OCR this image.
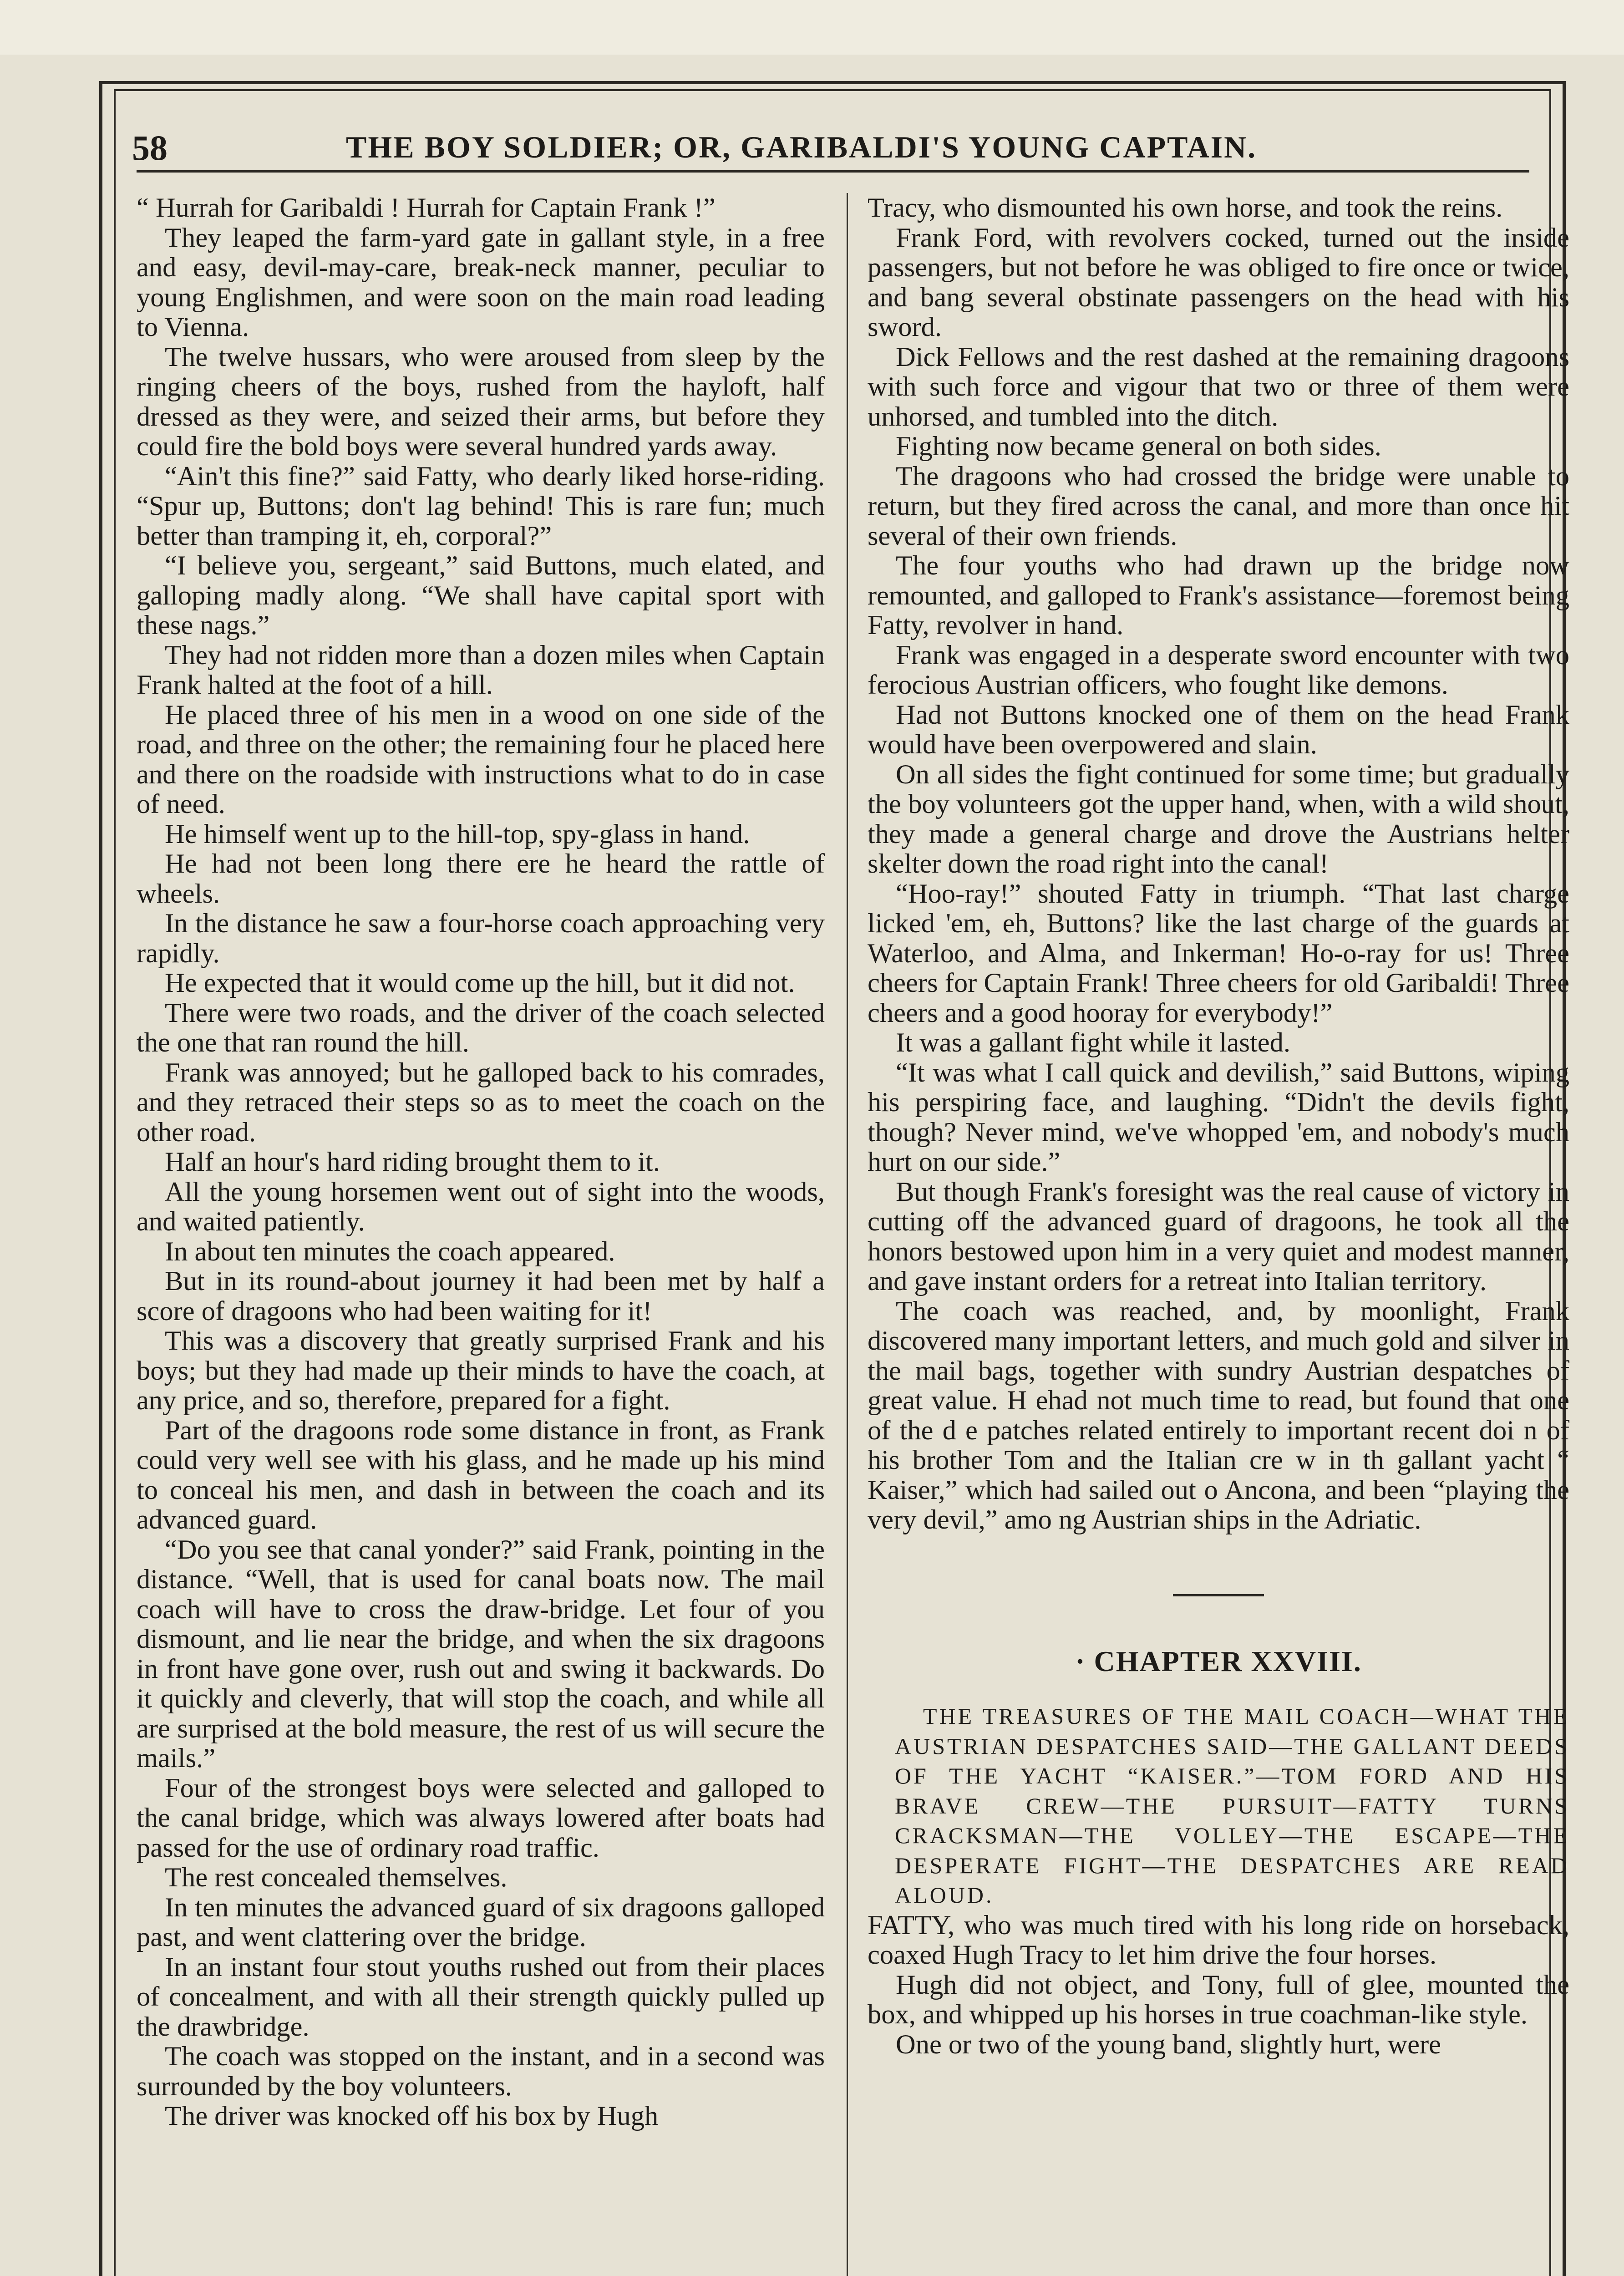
58	THE BOY SOLDIER; OR, GARIBALDI'S YOUNG CAPTAIN.

“ Hurrah for Garibaldi ! Hurrah for Captain Frank !”

They leaped the farm-yard gate in gallant style, in a free and easy, devil-may-care, break-neck manner, peculiar to young Englishmen, and were soon on the main road leading to Vienna.

The twelve hussars, who were aroused from sleep by the ringing cheers of the boys, rushed from the hayloft, half dressed as they were, and seized their arms, but before they could fire the bold boys were several hundred yards away.

“Ain't this fine?” said Fatty, who dearly liked horse-riding. “Spur up, Buttons; don't lag behind! This is rare fun; much better than tramping it, eh, corporal?”

“I believe you, sergeant,” said Buttons, much elated, and galloping madly along. “We shall have capital sport with these nags.”

They had not ridden more than a dozen miles when Captain Frank halted at the foot of a hill.

He placed three of his men in a wood on one side of the road, and three on the other; the remaining four he placed here and there on the roadside with instructions what to do in case of need.

He himself went up to the hill-top, spy-glass in hand.

He had not been long there ere he heard the rattle of wheels.

In the distance he saw a four-horse coach approaching very rapidly.

He expected that it would come up the hill, but it did not.

There were two roads, and the driver of the coach selected the one that ran round the hill.

Frank was annoyed; but he galloped back to his comrades, and they retraced their steps so as to meet the coach on the other road.

Half an hour's hard riding brought them to it.

All the young horsemen went out of sight into the woods, and waited patiently.

In about ten minutes the coach appeared.

But in its round-about journey it had been met by half a score of dragoons who had been waiting for it!

This was a discovery that greatly surprised Frank and his boys; but they had made up their minds to have the coach, at any price, and so, therefore, prepared for a fight.

Part of the dragoons rode some distance in front, as Frank could very well see with his glass, and he made up his mind to conceal his men, and dash in between the coach and its advanced guard.

“Do you see that canal yonder?” said Frank, pointing in the distance. “Well, that is used for canal boats now. The mail coach will have to cross the draw-bridge. Let four of you dismount, and lie near the bridge, and when the six dragoons in front have gone over, rush out and swing it backwards. Do it quickly and cleverly, that will stop the coach, and while all are surprised at the bold measure, the rest of us will secure the mails.”

Four of the strongest boys were selected and galloped to the canal bridge, which was always lowered after boats had passed for the use of ordinary road traffic.

The rest concealed themselves.

In ten minutes the advanced guard of six dragoons galloped past, and went clattering over the bridge.

In an instant four stout youths rushed out from their places of concealment, and with all their strength quickly pulled up the drawbridge.

The coach was stopped on the instant, and in a second was surrounded by the boy volunteers.

The driver was knocked off his box by Hugh

Tracy, who dismounted his own horse, and took the reins.

Frank Ford, with revolvers cocked, turned out the inside passengers, but not before he was obliged to fire once or twice, and bang several obstinate passengers on the head with his sword.

Dick Fellows and the rest dashed at the remaining dragoons with such force and vigour that two or three of them were unhorsed, and tumbled into the ditch.

Fighting now became general on both sides.

The dragoons who had crossed the bridge were unable to return, but they fired across the canal, and more than once hit several of their own friends.

The four youths who had drawn up the bridge now remounted, and galloped to Frank's assistance—foremost being Fatty, revolver in hand.

Frank was engaged in a desperate sword encounter with two ferocious Austrian officers, who fought like demons.

Had not Buttons knocked one of them on the head Frank would have been overpowered and slain.

On all sides the fight continued for some time; but gradually the boy volunteers got the upper hand, when, with a wild shout, they made a general charge and drove the Austrians helter skelter down the road right into the canal!

“Hoo-ray!” shouted Fatty in triumph. “That last charge licked 'em, eh, Buttons? like the last charge of the guards at Waterloo, and Alma, and Inkerman! Ho-o-ray for us! Three cheers for Captain Frank! Three cheers for old Garibaldi! Three cheers and a good hooray for everybody!”

It was a gallant fight while it lasted.

“It was what I call quick and devilish,” said Buttons, wiping his perspiring face, and laughing. “Didn't the devils fight, though? Never mind, we've whopped 'em, and nobody's much hurt on our side.”

But though Frank's foresight was the real cause of victory in cutting off the advanced guard of dragoons, he took all the honors bestowed upon him in a very quiet and modest manner, and gave instant orders for a retreat into Italian territory.

The coach was reached, and, by moonlight, Frank discovered many important letters, and much gold and silver in the mail bags, together with sundry Austrian despatches of great value. H ehad not much time to read, but found that one of the d e patches related entirely to important recent doi n of his brother Tom and the Italian cre w in th gallant yacht “ Kaiser,” which had sailed out o Ancona, and been “playing the very devil,” amo ng Austrian ships in the Adriatic.

· CHAPTER XXVIII.

THE TREASURES OF THE MAIL COACH—WHAT THE AUSTRIAN DESPATCHES SAID—THE GALLANT DEEDS OF THE YACHT “KAISER.”—TOM FORD AND HIS BRAVE CREW—THE PURSUIT—FATTY TURNS CRACKSMAN—THE VOLLEY—THE ESCAPE—THE DESPERATE FIGHT—THE DESPATCHES ARE READ ALOUD.

FATTY, who was much tired with his long ride on horseback, coaxed Hugh Tracy to let him drive the four horses.

Hugh did not object, and Tony, full of glee, mounted the box, and whipped up his horses in true coachman-like style.

One or two of the young band, slightly hurt, were
